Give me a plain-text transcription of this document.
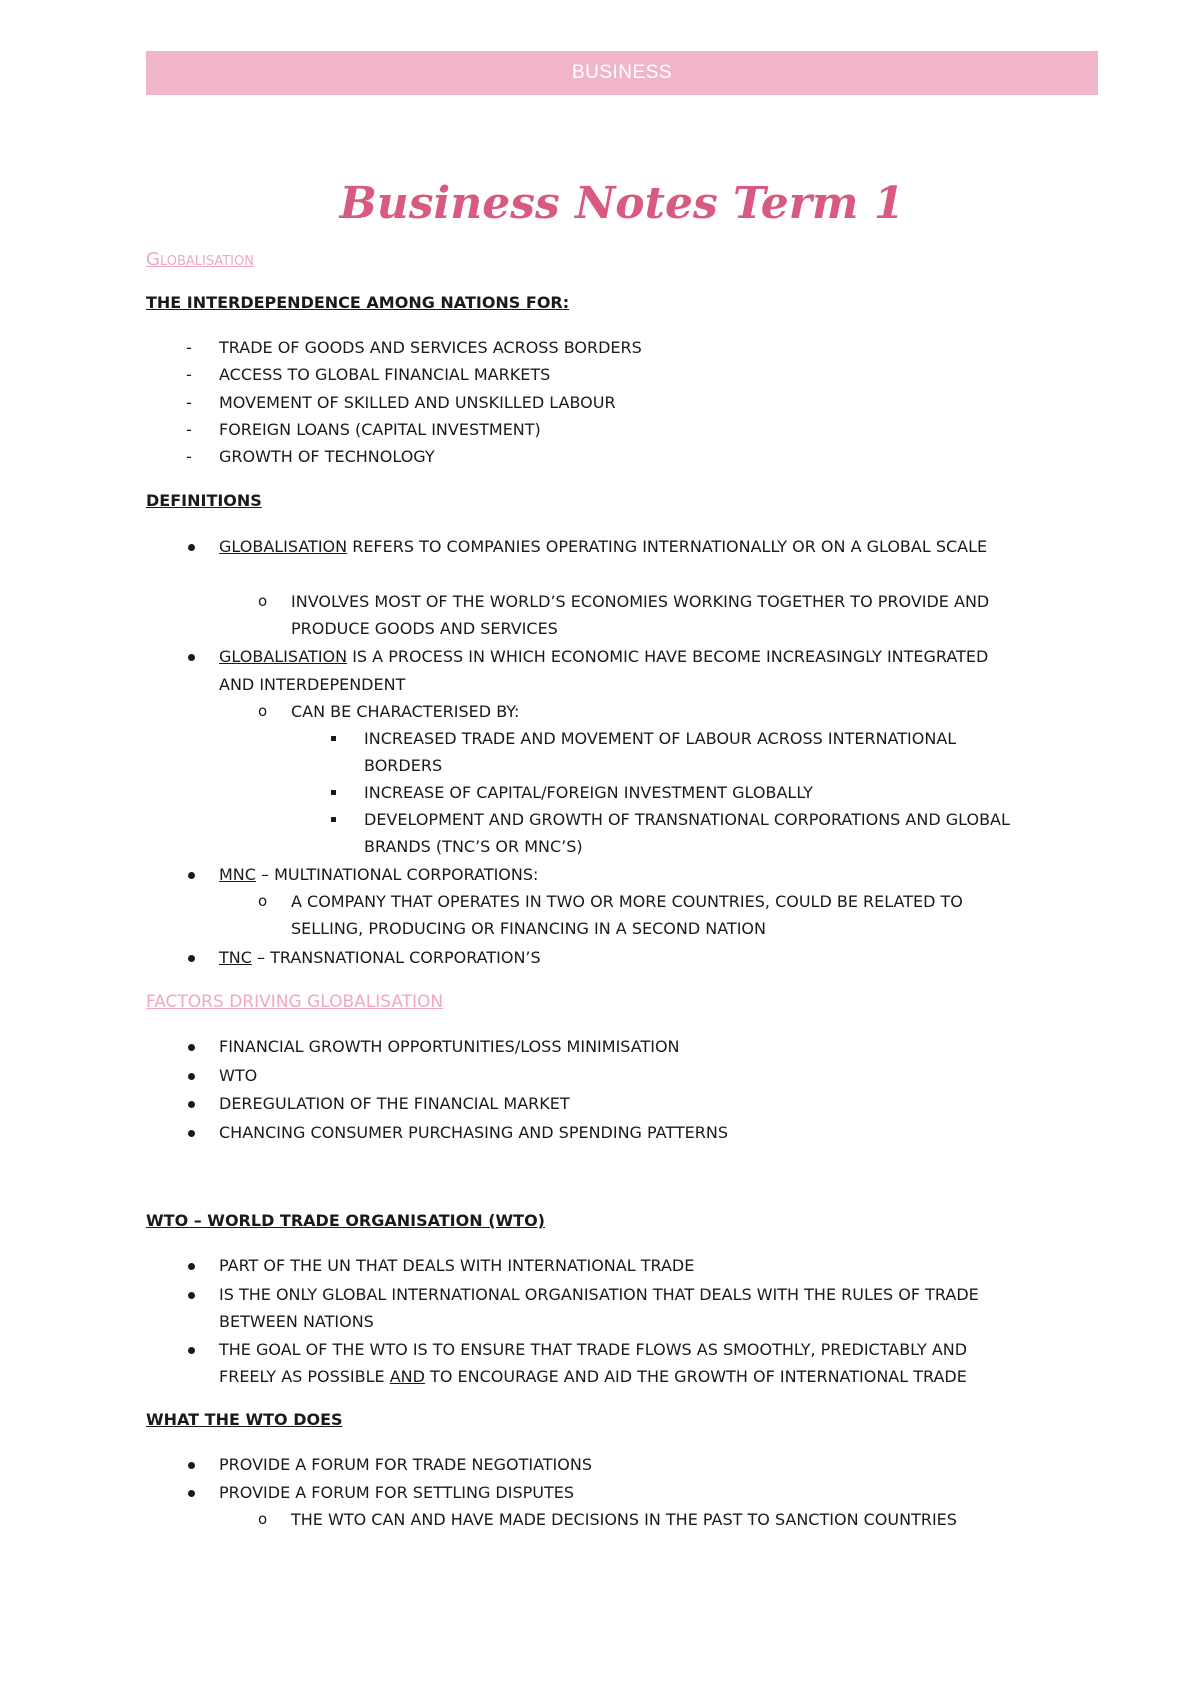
BUSINESS
Business Notes Term 1
Globalisation
THE INTERDEPENDENCE AMONG NATIONS FOR:
- TRADE OF GOODS AND SERVICES ACROSS BORDERS
- ACCESS TO GLOBAL FINANCIAL MARKETS
- MOVEMENT OF SKILLED AND UNSKILLED LABOUR
- FOREIGN LOANS (CAPITAL INVESTMENT)
- GROWTH OF TECHNOLOGY
DEFINITIONS
GLOBALISATION REFERS TO COMPANIES OPERATING INTERNATIONALLY OR ON A GLOBAL SCALE
o INVOLVES MOST OF THE WORLD’S ECONOMIES WORKING TOGETHER TO PROVIDE AND
PRODUCE GOODS AND SERVICES
GLOBALISATION IS A PROCESS IN WHICH ECONOMIC HAVE BECOME INCREASINGLY INTEGRATED
AND INTERDEPENDENT
o CAN BE CHARACTERISED BY:
INCREASED TRADE AND MOVEMENT OF LABOUR ACROSS INTERNATIONAL
BORDERS
INCREASE OF CAPITAL/FOREIGN INVESTMENT GLOBALLY
DEVELOPMENT AND GROWTH OF TRANSNATIONAL CORPORATIONS AND GLOBAL
BRANDS (TNC’S OR MNC’S)
MNC – MULTINATIONAL CORPORATIONS:
o A COMPANY THAT OPERATES IN TWO OR MORE COUNTRIES, COULD BE RELATED TO
SELLING, PRODUCING OR FINANCING IN A SECOND NATION
TNC – TRANSNATIONAL CORPORATION’S
FACTORS DRIVING GLOBALISATION
FINANCIAL GROWTH OPPORTUNITIES/LOSS MINIMISATION
WTO
DEREGULATION OF THE FINANCIAL MARKET
CHANCING CONSUMER PURCHASING AND SPENDING PATTERNS
WTO – WORLD TRADE ORGANISATION (WTO)
PART OF THE UN THAT DEALS WITH INTERNATIONAL TRADE
IS THE ONLY GLOBAL INTERNATIONAL ORGANISATION THAT DEALS WITH THE RULES OF TRADE
BETWEEN NATIONS
THE GOAL OF THE WTO IS TO ENSURE THAT TRADE FLOWS AS SMOOTHLY, PREDICTABLY AND
FREELY AS POSSIBLE AND TO ENCOURAGE AND AID THE GROWTH OF INTERNATIONAL TRADE
WHAT THE WTO DOES
PROVIDE A FORUM FOR TRADE NEGOTIATIONS
PROVIDE A FORUM FOR SETTLING DISPUTES
o THE WTO CAN AND HAVE MADE DECISIONS IN THE PAST TO SANCTION COUNTRIES
